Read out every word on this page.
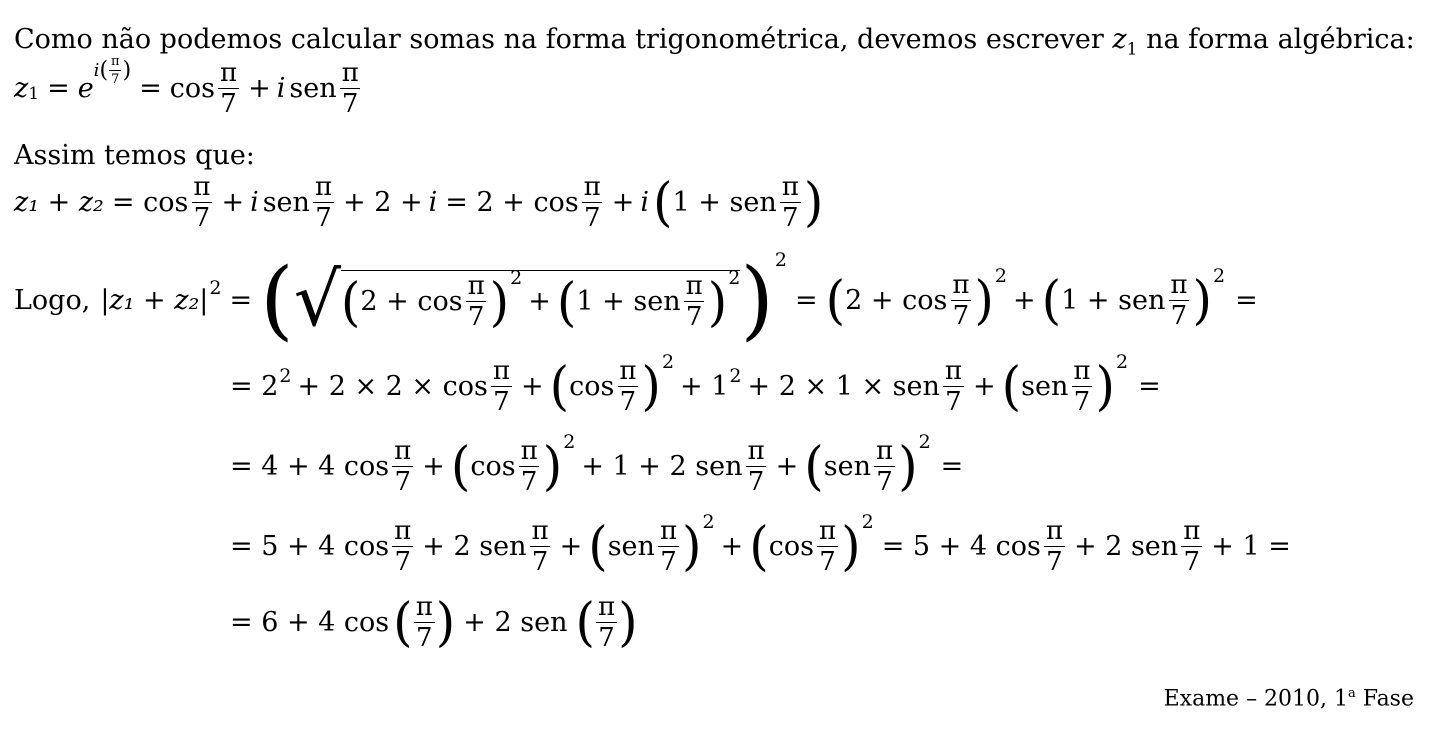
Como não podemos calcular somas na forma trigonométrica, devemos escrever $z_1$ na forma algébrica:
$z_1 = e$
i ( $\frac{\pi}{7}$ )
= $\cos \frac{\pi}{7} + i$ sen $\frac{\pi}{7}$
Assim temos que:
$z_1 + z_2 = \cos \frac{\pi}{7} + i$ sen $\frac{\pi}{7} + 2 + i = 2 + \cos \frac{\pi}{7} + i$ ( 1 + sen $\frac{\pi}{7}$ )
Logo, |z₁ + z₂| 2 = ( √ ( $2 + \cos \frac{\pi}{7}$ ) 2
+ ( 1 + sen $\frac{\pi}{7}$ ) 2 ) 2
= ( $2 + \cos \frac{\pi}{7}$ ) 2
+ ( 1 + sen $\frac{\pi}{7}$ ) 2
=
= 2 $2 + 2 \times 2 \times \cos \frac{\pi}{7}$ + ( $\cos \frac{\pi}{7}$ ) 2
+ 1 2 + 2 × 1 × sen $\frac{\pi}{7}$ + ( sen $\frac{\pi}{7}$ ) 2
=
= 4 + 4 $\cos \frac{\pi}{7}$ + ( $\cos \frac{\pi}{7}$ ) 2
+ 1 + 2 sen $\frac{\pi}{7}$ + ( sen $\frac{\pi}{7}$ ) 2
=
= 5 + 4 $\cos \frac{\pi}{7} + 2$ sen $\frac{\pi}{7}$ + ( sen $\frac{\pi}{7}$ ) 2
+ ( $\cos \frac{\pi}{7}$ ) 2
= 5 + 4 $\cos \frac{\pi}{7} + 2$ sen $\frac{\pi}{7} + 1$ =
= 6 + 4 cos ( $\frac{\pi}{7}$ ) + 2 sen ( $\frac{\pi}{7}$ )
Exame – 2010, 1$^a$ Fase
